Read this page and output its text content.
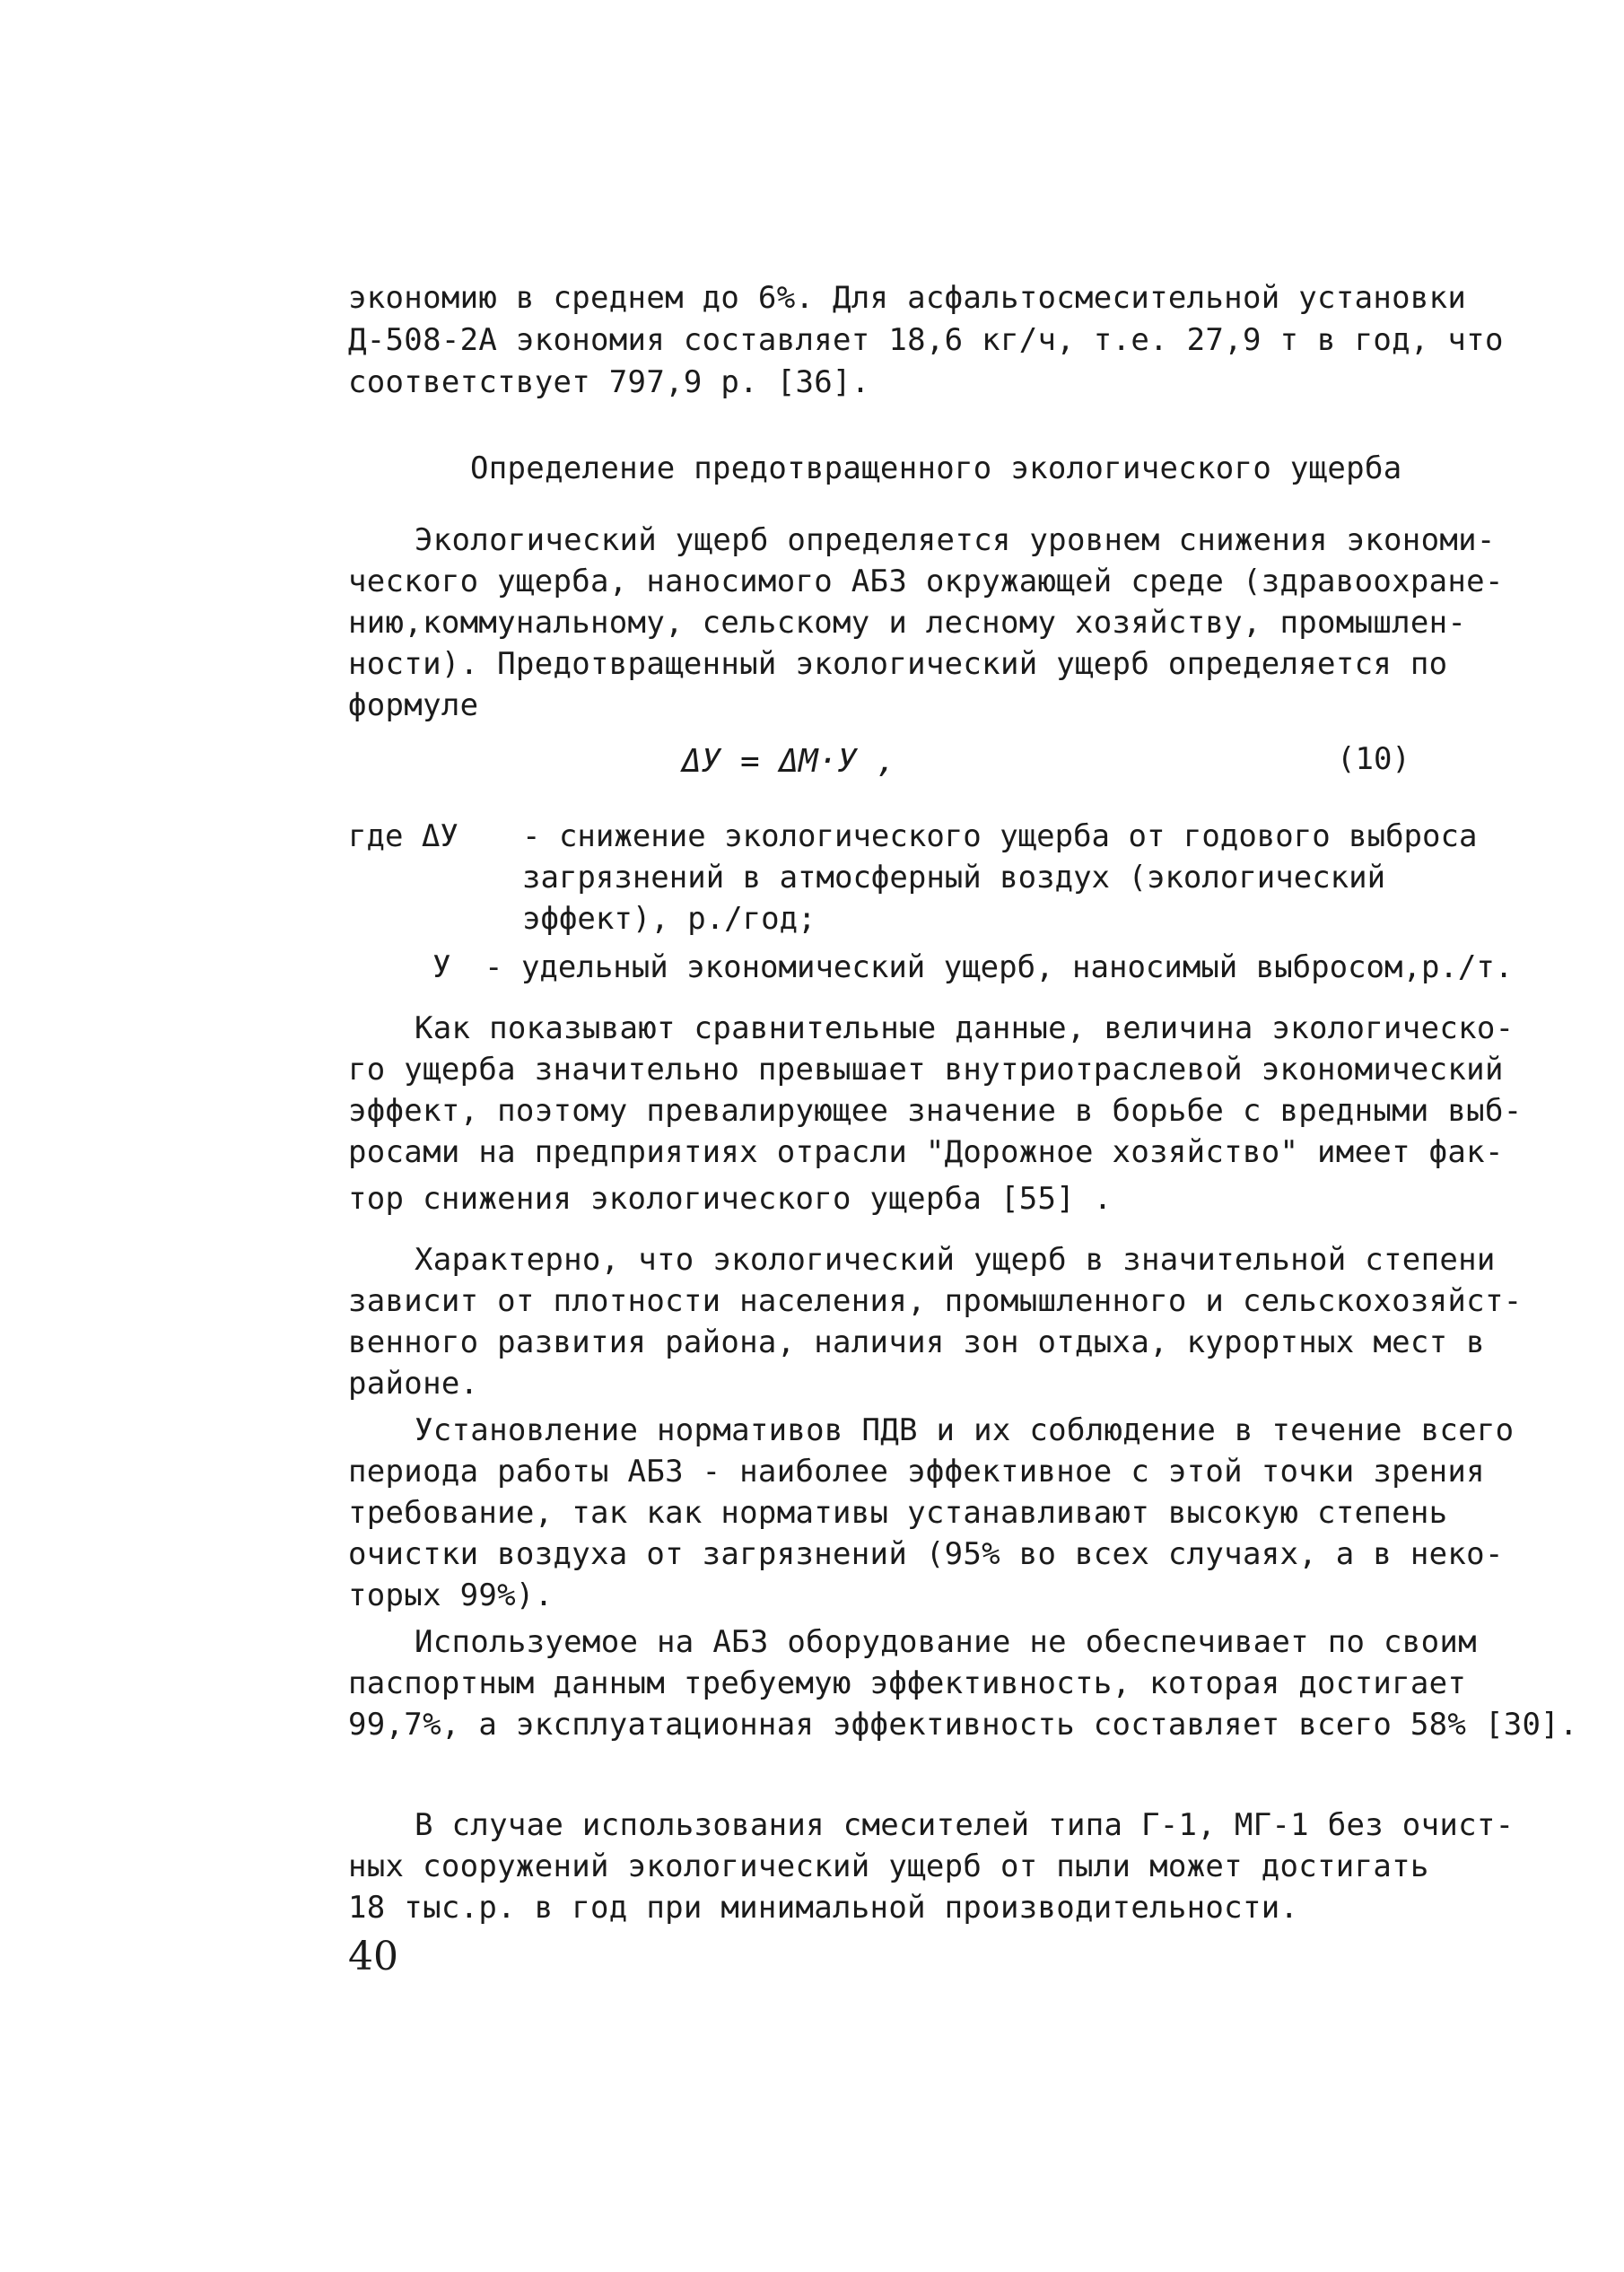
экономию в среднем до 6%. Для асфальтосмесительной установки
Д-508-2А экономия составляет 18,6 кг/ч, т.е. 27,9 т в год, что
соответствует 797,9 р. [36].
Определение предотвращенного экологического ущерба
Экологический ущерб определяется уровнем снижения экономи-
ческого ущерба, наносимого АБЗ окружающей среде (здравоохране-
нию,коммунальному, сельскому и лесному хозяйству, промышлен-
ности). Предотвращенный экологический ущерб определяется по
формуле
ΔУ = ΔМ·У ,	(10)
где ΔУ - снижение экологического ущерба от годового выброса
загрязнений в атмосферный воздух (экологический
эффект), р./год;
У - удельный экономический ущерб, наносимый выбросом,р./т.
Как показывают сравнительные данные, величина экологическо-
го ущерба значительно превышает внутриотраслевой экономический
эффект, поэтому превалирующее значение в борьбе с вредными выб-
росами на предприятиях отрасли "Дорожное хозяйство" имеет фак-
тор снижения экологического ущерба [55] .
Характерно, что экологический ущерб в значительной степени
зависит от плотности населения, промышленного и сельскохозяйст-
венного развития района, наличия зон отдыха, курортных мест в
районе.
Установление нормативов ПДВ и их соблюдение в течение всего
периода работы АБЗ - наиболее эффективное с этой точки зрения
требование, так как нормативы устанавливают высокую степень
очистки воздуха от загрязнений (95% во всех случаях, а в неко-
торых 99%).
Используемое на АБЗ оборудование не обеспечивает по своим
паспортным данным требуемую эффективность, которая достигает
99,7%, а эксплуатационная эффективность составляет всего 58% [30].
В случае использования смесителей типа Г-1, МГ-1 без очист-
ных сооружений экологический ущерб от пыли может достигать
18 тыс.р. в год при минимальной производительности.
40
